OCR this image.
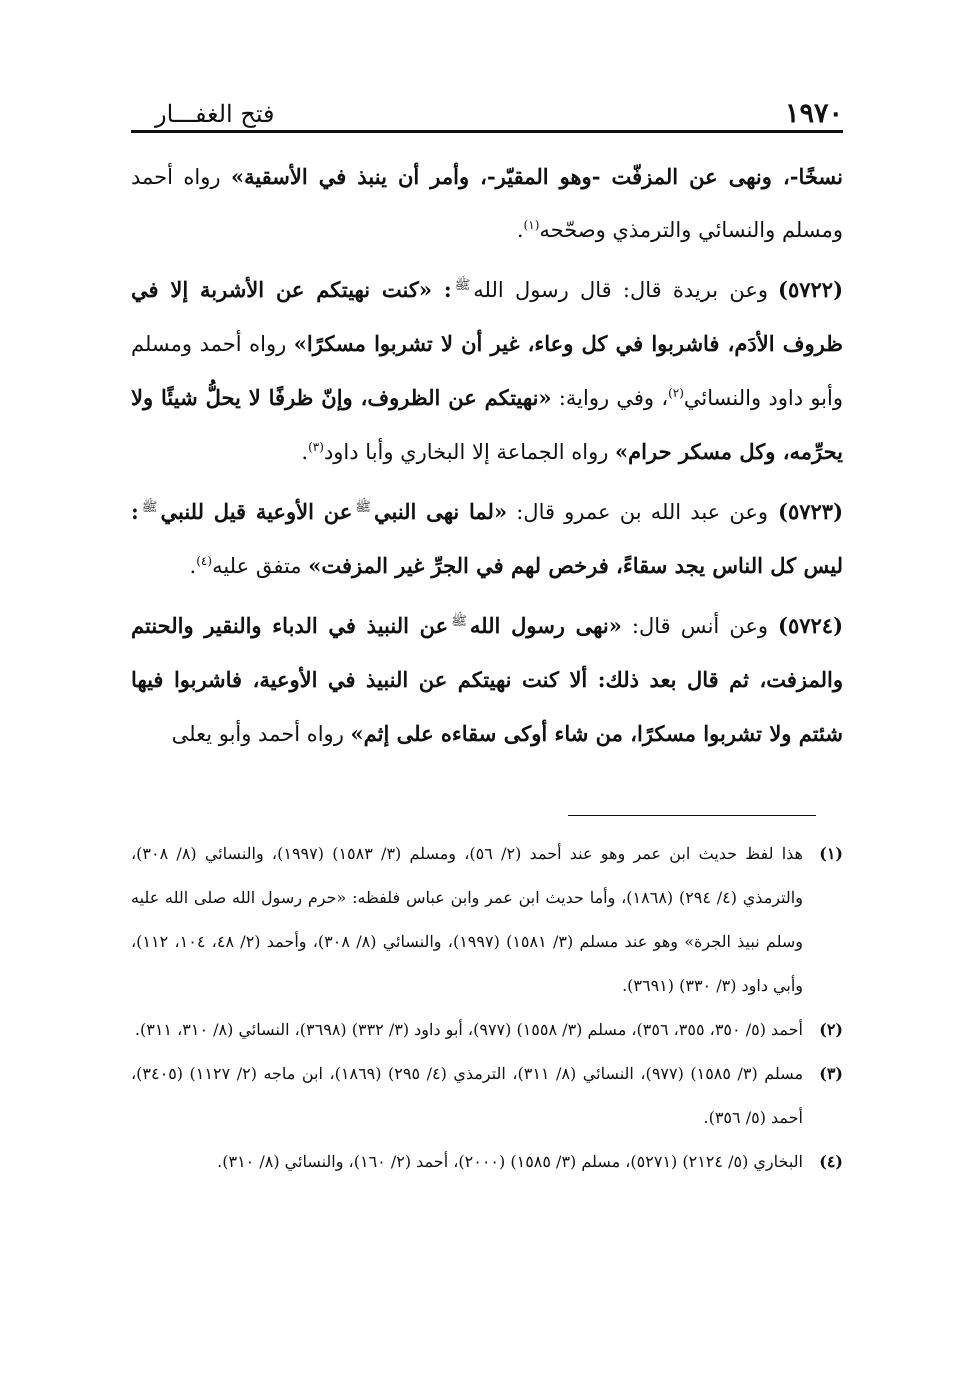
١٩٧٠
فتح الغفـــار

نسخًا-، ونهى عن المزفّت -وهو المقيّر-، وأمر أن ينبذ في الأسقية» رواه أحمد ومسلم والنسائي والترمذي وصحّحه$^{(١)}$.

(٥٧٢٢)وعن بريدة قال: قال رسول الله$^ﷺ$: «كنت نهيتكم عن الأشربة إلا في ظروف الأدَم، فاشربوا في كل وعاء، غير أن لا تشربوا مسكرًا» رواه أحمد ومسلم وأبو داود والنسائي$^{(٢)}$، وفي رواية: «نهيتكم عن الظروف، وإنّ ظرفًا لا يحلُّ شيئًا ولا يحرِّمه، وكل مسكر حرام» رواه الجماعة إلا البخاري وأبا داود$^{(٣)}$.

(٥٧٢٣)وعن عبد الله بن عمرو قال: «لما نهى النبي$^ﷺ$عن الأوعية قيل للنبي$^ﷺ$: ليس كل الناس يجد سقاءً، فرخص لهم في الجرِّ غير المزفت» متفق عليه$^{(٤)}$.

(٥٧٢٤)وعن أنس قال: «نهى رسول الله$^ﷺ$عن النبيذ في الدباء والنقير والحنتم والمزفت، ثم قال بعد ذلك: ألا كنت نهيتكم عن النبيذ في الأوعية، فاشربوا فيها شئتم ولا تشربوا مسكرًا، من شاء أوكى سقاءه على إثم» رواه أحمد وأبو يعلى

(١)
هذا لفظ حديث ابن عمر وهو عند أحمد (٢/ ٥٦)، ومسلم (٣/ ١٥٨٣) (١٩٩٧)، والنسائي (٨/ ٣٠٨)، والترمذي (٤/ ٢٩٤) (١٨٦٨)، وأما حديث ابن عمر وابن عباس فلفظه: «حرم رسول الله صلى الله عليه وسلم نبيذ الجرة» وهو عند مسلم (٣/ ١٥٨١) (١٩٩٧)، والنسائي (٨/ ٣٠٨)، وأحمد (٢/ ٤٨، ١٠٤، ١١٢)، وأبي داود (٣/ ٣٣٠) (٣٦٩١).

(٢)
أحمد (٥/ ٣٥٠، ٣٥٥، ٣٥٦)، مسلم (٣/ ١٥٥٨) (٩٧٧)، أبو داود (٣/ ٣٣٢) (٣٦٩٨)، النسائي (٨/ ٣١٠، ٣١١).

(٣)
مسلم (٣/ ١٥٨٥) (٩٧٧)، النسائي (٨/ ٣١١)، الترمذي (٤/ ٢٩٥) (١٨٦٩)، ابن ماجه (٢/ ١١٢٧) (٣٤٠٥)، أحمد (٥/ ٣٥٦).

(٤)
البخاري (٥/ ٢١٢٤) (٥٢٧١)، مسلم (٣/ ١٥٨٥) (٢٠٠٠)، أحمد (٢/ ١٦٠)، والنسائي (٨/ ٣١٠).
